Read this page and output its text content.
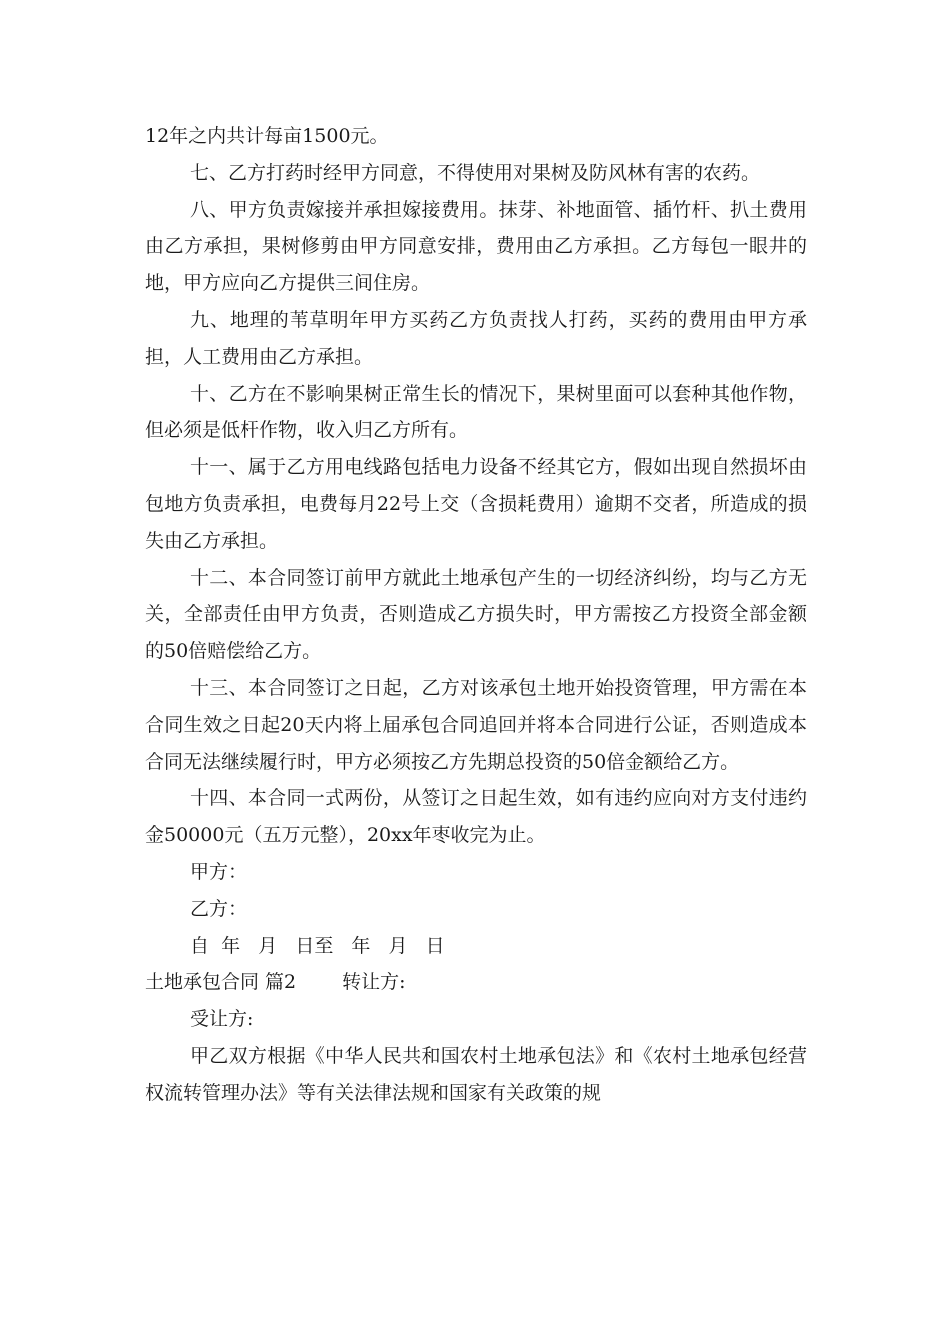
12年之内共计每亩1500元。

七、乙方打药时经甲方同意，不得使用对果树及防风林有害的农药。

八、甲方负责嫁接并承担嫁接费用。抹芽、补地面管、插竹杆、扒土费用由乙方承担，果树修剪由甲方同意安排，费用由乙方承担。乙方每包一眼井的地，甲方应向乙方提供三间住房。

九、地理的苇草明年甲方买药乙方负责找人打药，买药的费用由甲方承担，人工费用由乙方承担。

十、乙方在不影响果树正常生长的情况下，果树里面可以套种其他作物，但必须是低杆作物，收入归乙方所有。

十一、属于乙方用电线路包括电力设备不经其它方，假如出现自然损坏由包地方负责承担，电费每月22号上交（含损耗费用）逾期不交者，所造成的损失由乙方承担。

十二、本合同签订前甲方就此土地承包产生的一切经济纠纷，均与乙方无关，全部责任由甲方负责，否则造成乙方损失时，甲方需按乙方投资全部金额的50倍赔偿给乙方。

十三、本合同签订之日起，乙方对该承包土地开始投资管理，甲方需在本合同生效之日起20天内将上届承包合同追回并将本合同进行公证，否则造成本合同无法继续履行时，甲方必须按乙方先期总投资的50倍金额给乙方。

十四、本合同一式两份，从签订之日起生效，如有违约应向对方支付违约金50000元（五万元整），20xx年枣收完为止。

甲方：

乙方：

自  年   月   日至   年   月   日

土地承包合同 篇2 转让方:

受让方:

甲乙双方根据《中华人民共和国农村土地承包法》和《农村土地承包经营权流转管理办法》等有关法律法规和国家有关政策的规
